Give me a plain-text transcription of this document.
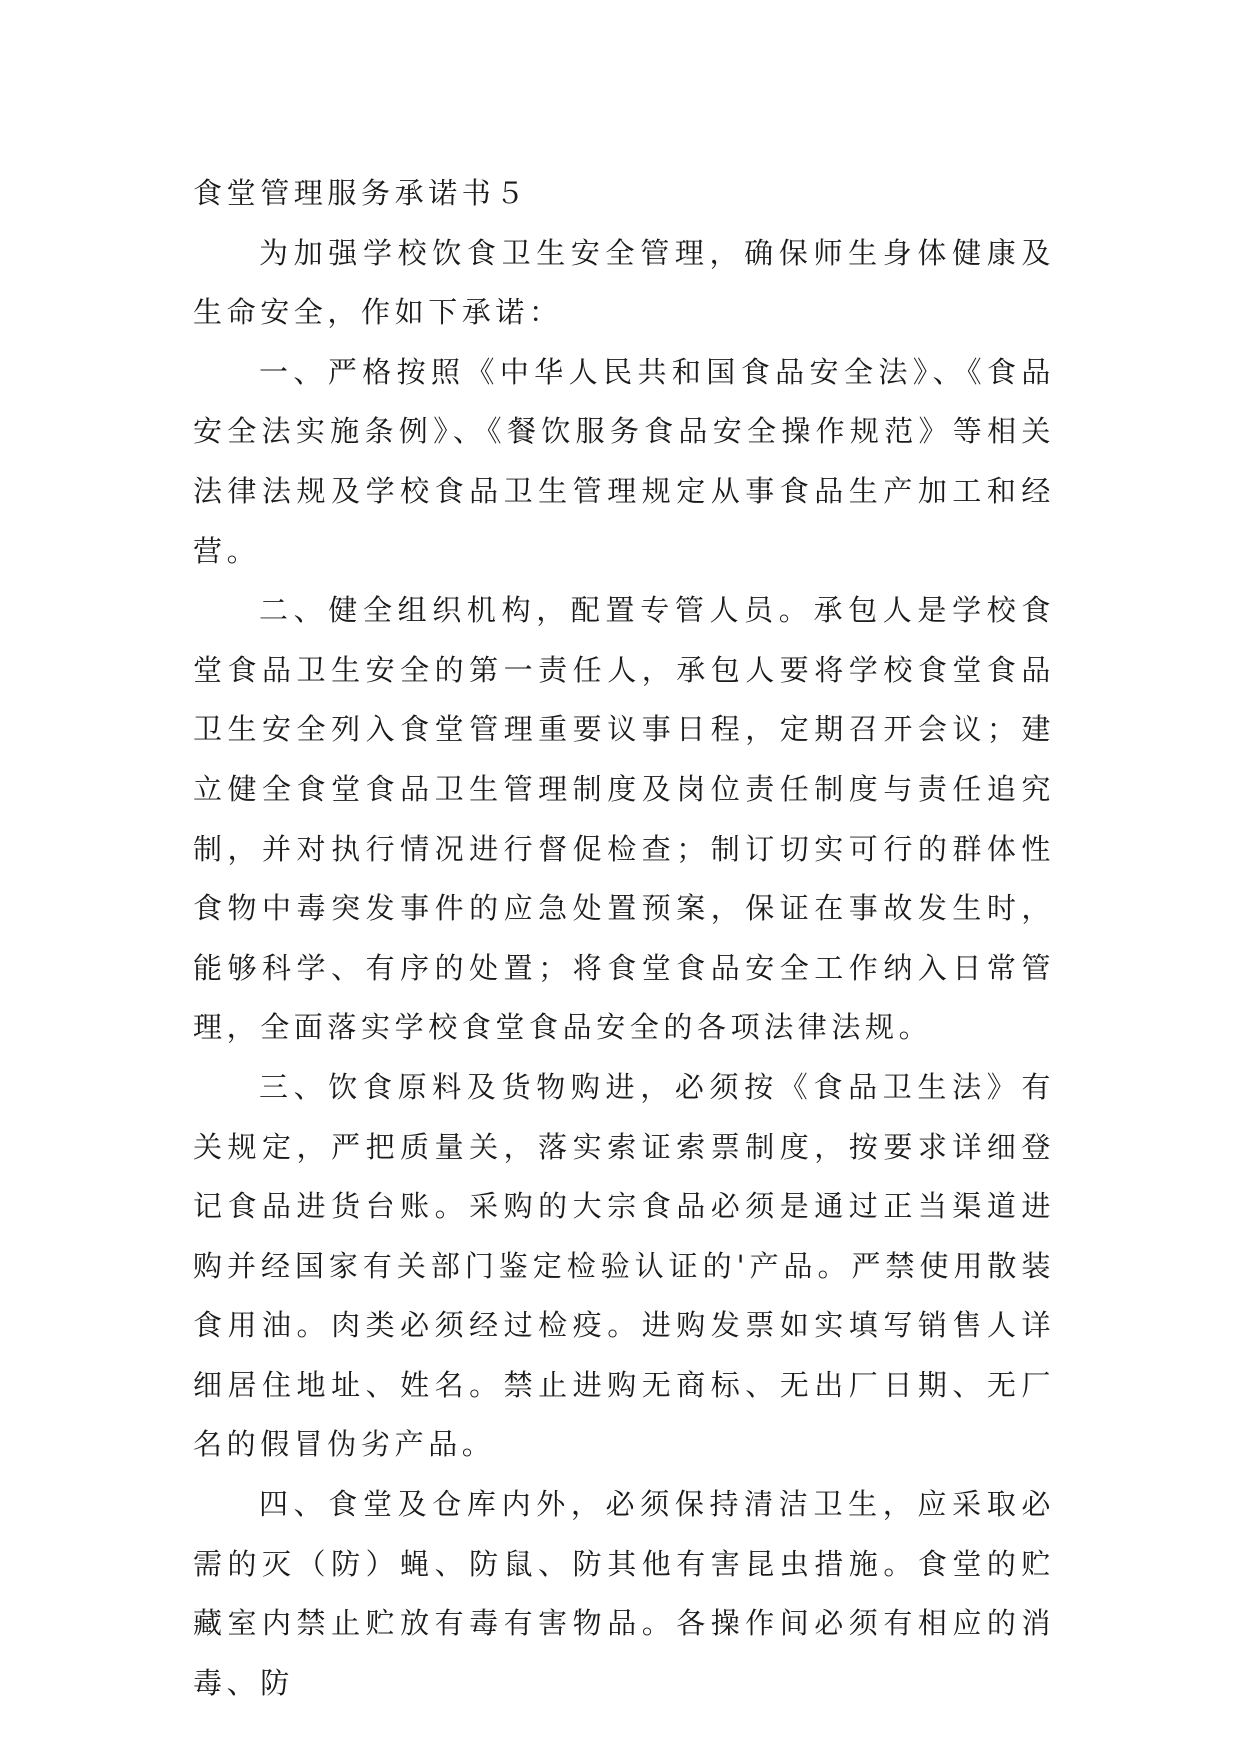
食堂管理服务承诺书５

为加强学校饮食卫生安全管理，确保师生身体健康及生命安全，作如下承诺：

一、严格按照《中华人民共和国食品安全法》、《食品安全法实施条例》、《餐饮服务食品安全操作规范》等相关法律法规及学校食品卫生管理规定从事食品生产加工和经营。

二、健全组织机构，配置专管人员。承包人是学校食堂食品卫生安全的第一责任人，承包人要将学校食堂食品卫生安全列入食堂管理重要议事日程，定期召开会议；建立健全食堂食品卫生管理制度及岗位责任制度与责任追究制，并对执行情况进行督促检查；制订切实可行的群体性食物中毒突发事件的应急处置预案，保证在事故发生时，能够科学、有序的处置；将食堂食品安全工作纳入日常管理，全面落实学校食堂食品安全的各项法律法规。

三、饮食原料及货物购进，必须按《食品卫生法》有关规定，严把质量关，落实索证索票制度，按要求详细登记食品进货台账。采购的大宗食品必须是通过正当渠道进购并经国家有关部门鉴定检验认证的'产品。严禁使用散装食用油。肉类必须经过检疫。进购发票如实填写销售人详细居住地址、姓名。禁止进购无商标、无出厂日期、无厂名的假冒伪劣产品。

四、食堂及仓库内外，必须保持清洁卫生，应采取必需的灭（防）蝇、防鼠、防其他有害昆虫措施。食堂的贮藏室内禁止贮放有毒有害物品。各操作间必须有相应的消毒、防
